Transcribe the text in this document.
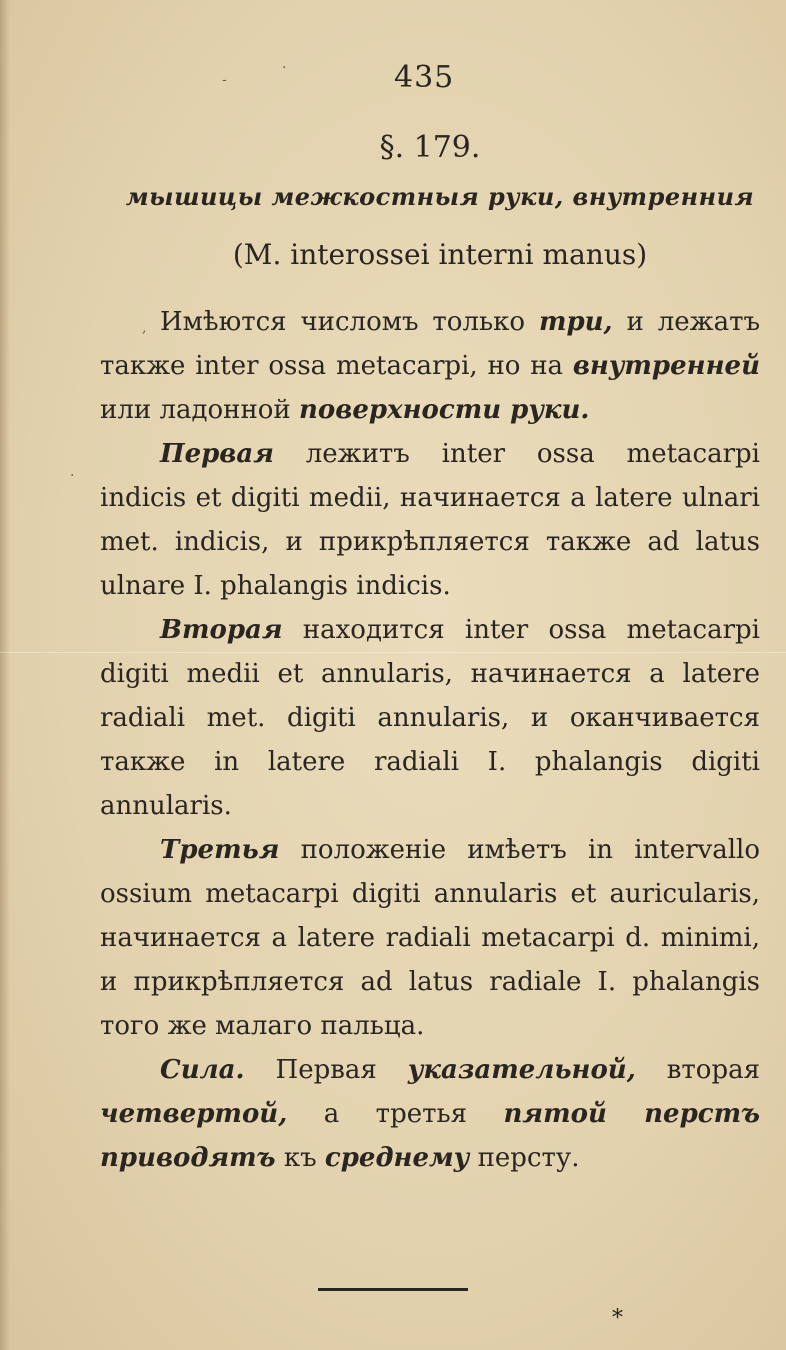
-
·
·
,
435
§. 179.
мышицы межкостныя руки, внутренния
(M. interossei interni manus)

Имѣются числомъ только три, и лежатъ также inter ossa metacarpi, но на внутренней или ладонной поверхности руки.

Первая лежитъ inter ossa metacarpi indicis et digiti medii, начинается a latere ulnari met. indicis, и прикрѣпляется также ad latus ulnare I. phalangis indicis.

Вторая находится inter ossa metacarpi digiti medii et annularis, начинается a latere radiali met. digiti annularis, и оканчивается также in latere radiali I. phalangis digiti annularis.

Третья положеніе имѣетъ in intervallo ossium metacarpi digiti annularis et auricularis, начинается a latere radiali metacarpi d. minimi, и прикрѣпляется ad latus radiale I. phalangis того же малаго пальца.

Сила. Первая указательной, вторая четвертой, а третья пятой перстъ приводятъ къ среднему персту.

*
